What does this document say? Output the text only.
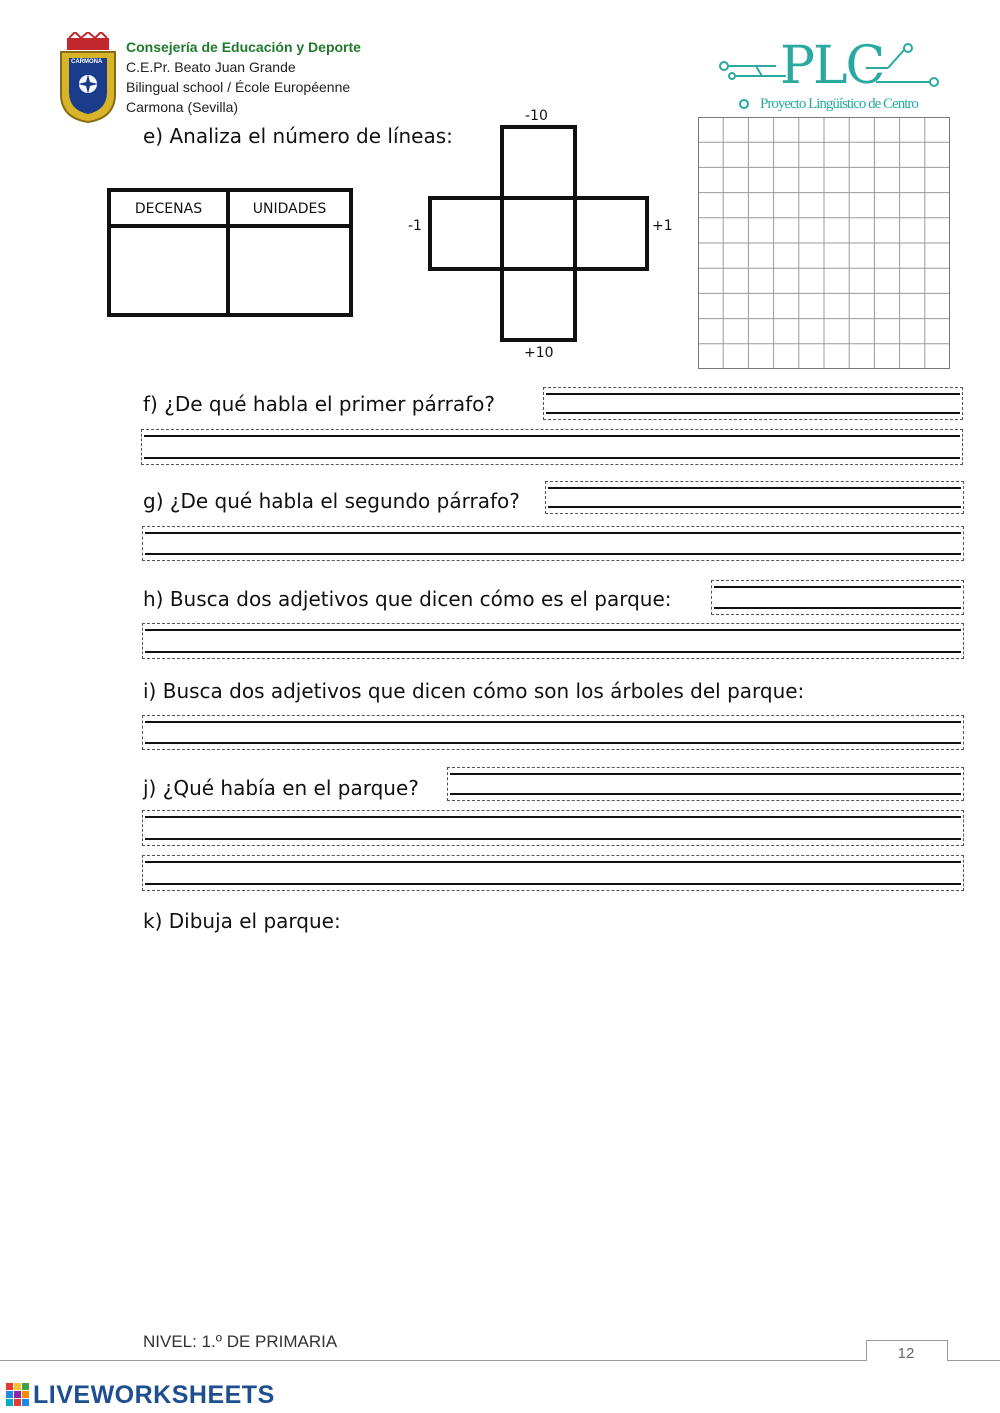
CARMONA
Consejería de Educación y Deporte
C.E.Pr. Beato Juan Grande
Bilingual school / École Européenne
Carmona (Sevilla)
PLC
Proyecto Lingüístico de Centro
e) Analiza el número de líneas:
DECENAS	UNIDADES
-10
-1	+1
+10
f) ¿De qué habla el primer párrafo?
g) ¿De qué habla el segundo párrafo?
h) Busca dos adjetivos que dicen cómo es el parque:
i) Busca dos adjetivos que dicen cómo son los árboles del parque:
j) ¿Qué había en el parque?
k) Dibuja el parque:
NIVEL: 1.º DE PRIMARIA
12
LIVEWORKSHEETS
